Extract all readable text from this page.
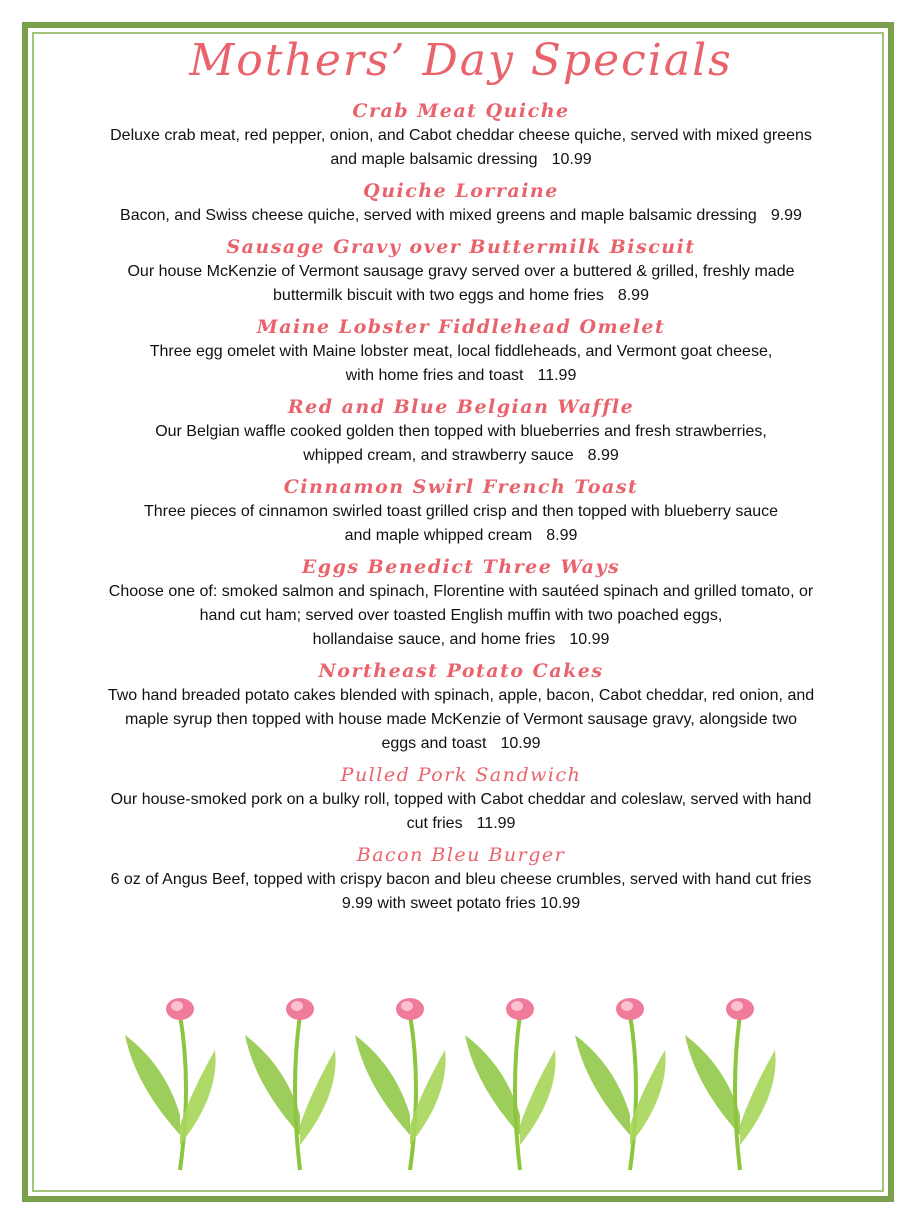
Mothers’ Day Specials
Crab Meat Quiche
Deluxe crab meat, red pepper, onion, and Cabot cheddar cheese quiche, served with mixed greens
and maple balsamic dressing 10.99
Quiche Lorraine
Bacon, and Swiss cheese quiche, served with mixed greens and maple balsamic dressing 9.99
Sausage Gravy over Buttermilk Biscuit
Our house McKenzie of Vermont sausage gravy served over a buttered & grilled, freshly made
buttermilk biscuit with two eggs and home fries 8.99
Maine Lobster Fiddlehead Omelet
Three egg omelet with Maine lobster meat, local fiddleheads, and Vermont goat cheese,
with home fries and toast 11.99
Red and Blue Belgian Waffle
Our Belgian waffle cooked golden then topped with blueberries and fresh strawberries,
whipped cream, and strawberry sauce 8.99
Cinnamon Swirl French Toast
Three pieces of cinnamon swirled toast grilled crisp and then topped with blueberry sauce
and maple whipped cream 8.99
Eggs Benedict Three Ways
Choose one of: smoked salmon and spinach, Florentine with sautéed spinach and grilled tomato, or
hand cut ham; served over toasted English muffin with two poached eggs,
hollandaise sauce, and home fries 10.99
Northeast Potato Cakes
Two hand breaded potato cakes blended with spinach, apple, bacon, Cabot cheddar, red onion, and
maple syrup then topped with house made McKenzie of Vermont sausage gravy, alongside two
eggs and toast 10.99
Pulled Pork Sandwich
Our house-smoked pork on a bulky roll, topped with Cabot cheddar and coleslaw, served with hand
cut fries 11.99
Bacon Bleu Burger
6 oz of Angus Beef, topped with crispy bacon and bleu cheese crumbles, served with hand cut fries
9.99 with sweet potato fries 10.99
